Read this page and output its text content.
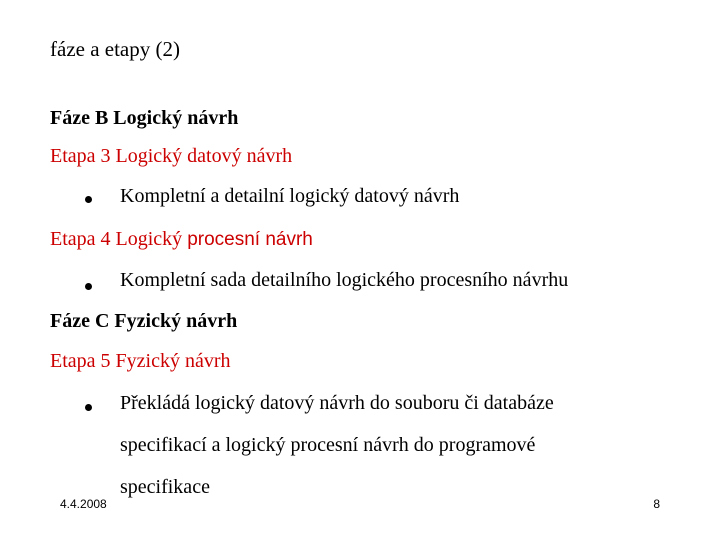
fáze a etapy (2)
Fáze B Logický návrh
Etapa 3 Logický datový návrh
Kompletní a detailní logický datový návrh
Etapa 4 Logický procesní návrh
Kompletní sada detailního logického procesního návrhu
Fáze C Fyzický návrh
Etapa 5 Fyzický návrh
Překládá logický datový návrh do souboru či databáze
specifikací a logický procesní návrh do programové
specifikace
4.4.2008	8
